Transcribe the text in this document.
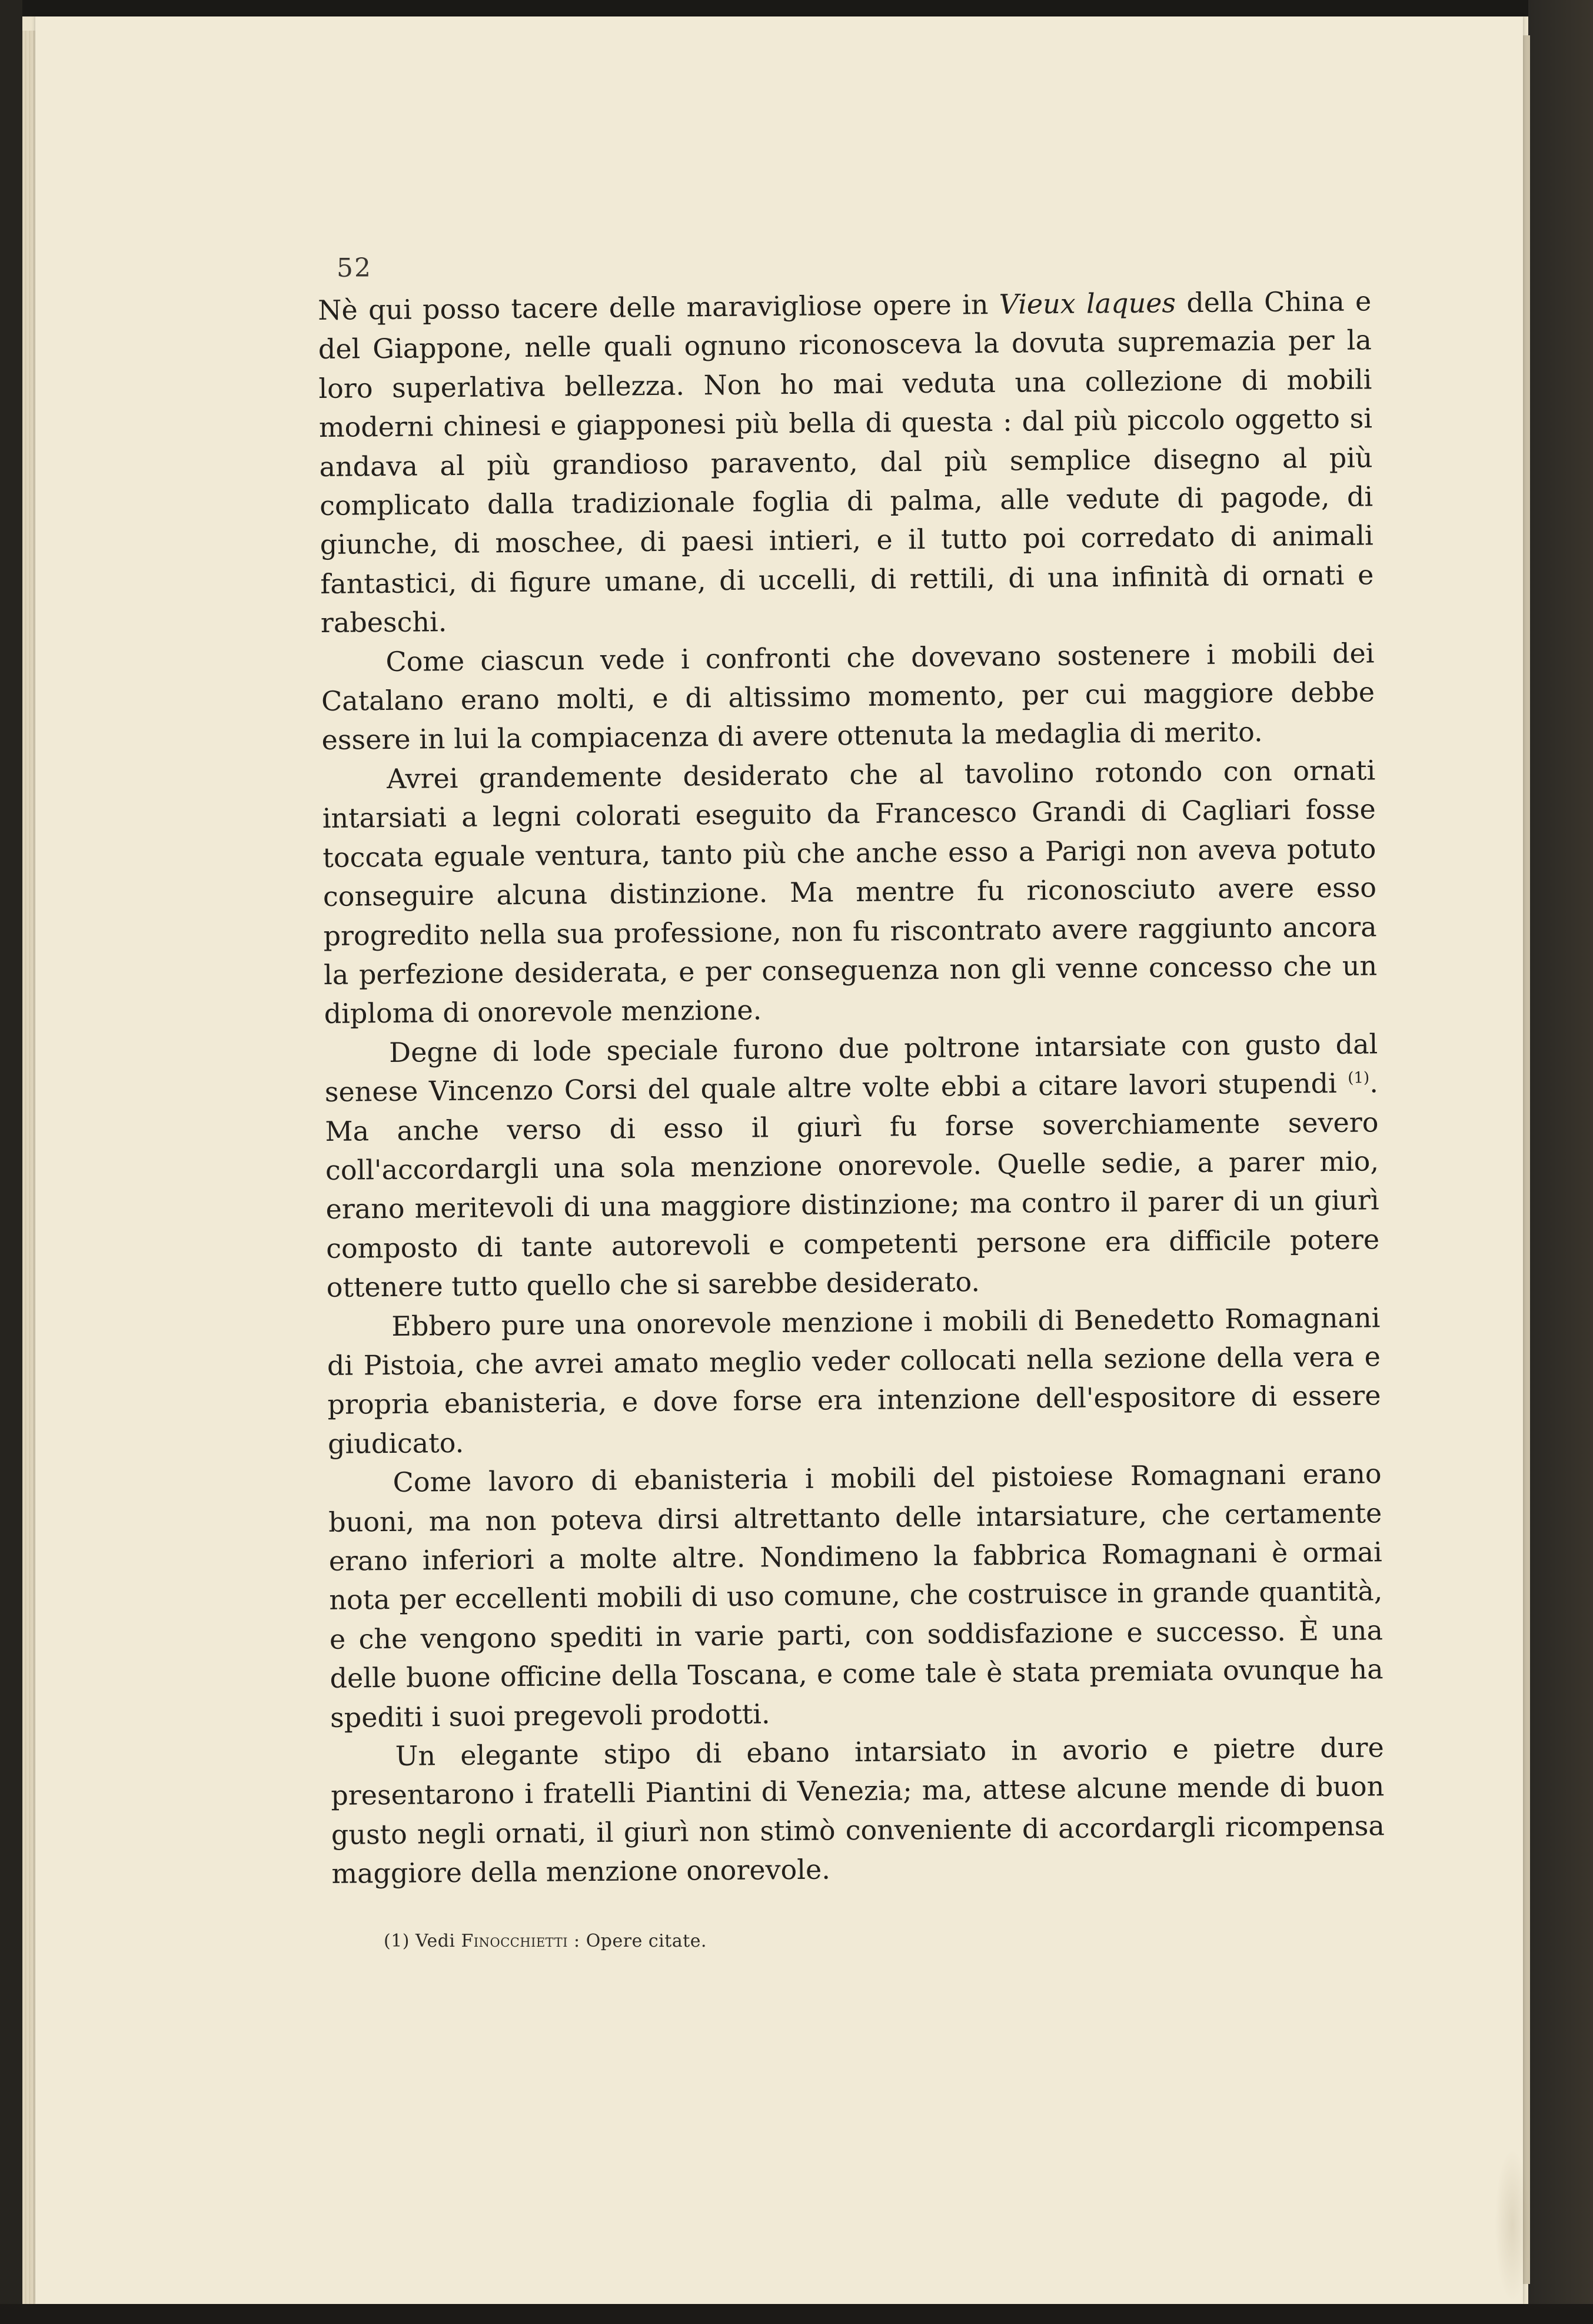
52

Nè qui posso tacere delle maravigliose opere in Vieux laques della China e del Giappone, nelle quali ognuno riconosceva la dovuta supremazia per la loro superlativa bellezza. Non ho mai veduta una collezione di mobili moderni chinesi e giapponesi più bella di questa : dal più piccolo oggetto si andava al più grandioso paravento, dal più semplice disegno al più complicato dalla tradizionale foglia di palma, alle vedute di pagode, di giunche, di moschee, di paesi intieri, e il tutto poi corredato di animali fantastici, di figure umane, di uccelli, di rettili, di una infinità di ornati e rabeschi.

Come ciascun vede i confronti che dovevano sostenere i mobili dei Catalano erano molti, e di altissimo momento, per cui maggiore debbe essere in lui la compiacenza di avere ottenuta la medaglia di merito.

Avrei grandemente desiderato che al tavolino rotondo con ornati intarsiati a legni colorati eseguito da Francesco Grandi di Cagliari fosse toccata eguale ventura, tanto più che anche esso a Parigi non aveva potuto conseguire alcuna distinzione. Ma mentre fu riconosciuto avere esso progredito nella sua professione, non fu riscontrato avere raggiunto ancora la perfezione desiderata, e per conseguenza non gli venne concesso che un diploma di onorevole menzione.

Degne di lode speciale furono due poltrone intarsiate con gusto dal senese Vincenzo Corsi del quale altre volte ebbi a citare lavori stupendi $^{(1)}$. Ma anche verso di esso il giurì fu forse soverchiamente severo coll'accordargli una sola menzione onorevole. Quelle sedie, a parer mio, erano meritevoli di una maggiore distinzione; ma contro il parer di un giurì composto di tante autorevoli e competenti persone era difficile potere ottenere tutto quello che si sarebbe desiderato.

Ebbero pure una onorevole menzione i mobili di Benedetto Romagnani di Pistoia, che avrei amato meglio veder collocati nella sezione della vera e propria ebanisteria, e dove forse era intenzione dell'espositore di essere giudicato.

Come lavoro di ebanisteria i mobili del pistoiese Romagnani erano buoni, ma non poteva dirsi altrettanto delle intarsiature, che certamente erano inferiori a molte altre. Nondimeno la fabbrica Romagnani è ormai nota per eccellenti mobili di uso comune, che costruisce in grande quantità, e che vengono spediti in varie parti, con soddisfazione e successo. È una delle buone officine della Toscana, e come tale è stata premiata ovunque ha spediti i suoi pregevoli prodotti.

Un elegante stipo di ebano intarsiato in avorio e pietre dure presentarono i fratelli Piantini di Venezia; ma, attese alcune mende di buon gusto negli ornati, il giurì non stimò conveniente di accordargli ricompensa maggiore della menzione onorevole.

(1) Vedi Finocchietti : Opere citate.
